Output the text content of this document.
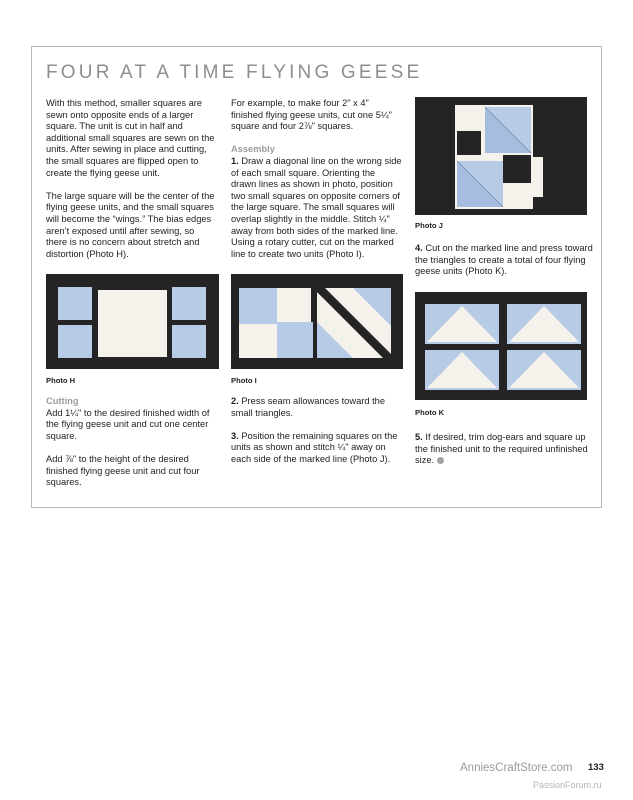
FOUR AT A TIME FLYING GEESE

With this method, smaller squares are sewn onto opposite ends of a larger square. The unit is cut in half and additional small squares are sewn on the units. After sewing in place and cutting, the small squares are flipped open to create the flying geese unit.

The large square will be the center of the flying geese units, and the small squares will become the “wings.” The bias edges aren’t exposed until after sewing, so there is no concern about stretch and distortion (Photo H).

For example, to make four 2" x 4" finished flying geese units, cut one 5¼" square and four 2⅞" squares.

Assembly

1. Draw a diagonal line on the wrong side of each small square. Orienting the drawn lines as shown in photo, position two small squares on opposite corners of the large square. The small squares will overlap slightly in the middle. Stitch ¼" away from both sides of the marked line. Using a rotary cutter, cut on the marked line to create two units (Photo I).

Photo J

4. Cut on the marked line and press toward the triangles to create a total of four flying geese units (Photo K).

Photo H	Photo I
Photo K
Cutting

Add 1¼" to the desired finished width of the flying geese unit and cut one center square.

Add ⅞" to the height of the desired finished flying geese unit and cut four squares.

2. Press seam allowances toward the small triangles.

3. Position the remaining squares on the units as shown and stitch ¼" away on each side of the marked line (Photo J).

5. If desired, trim dog-ears and square up the finished unit to the required unfinished size.

AnniesCraftStore.com 133
PassionForum.ru
